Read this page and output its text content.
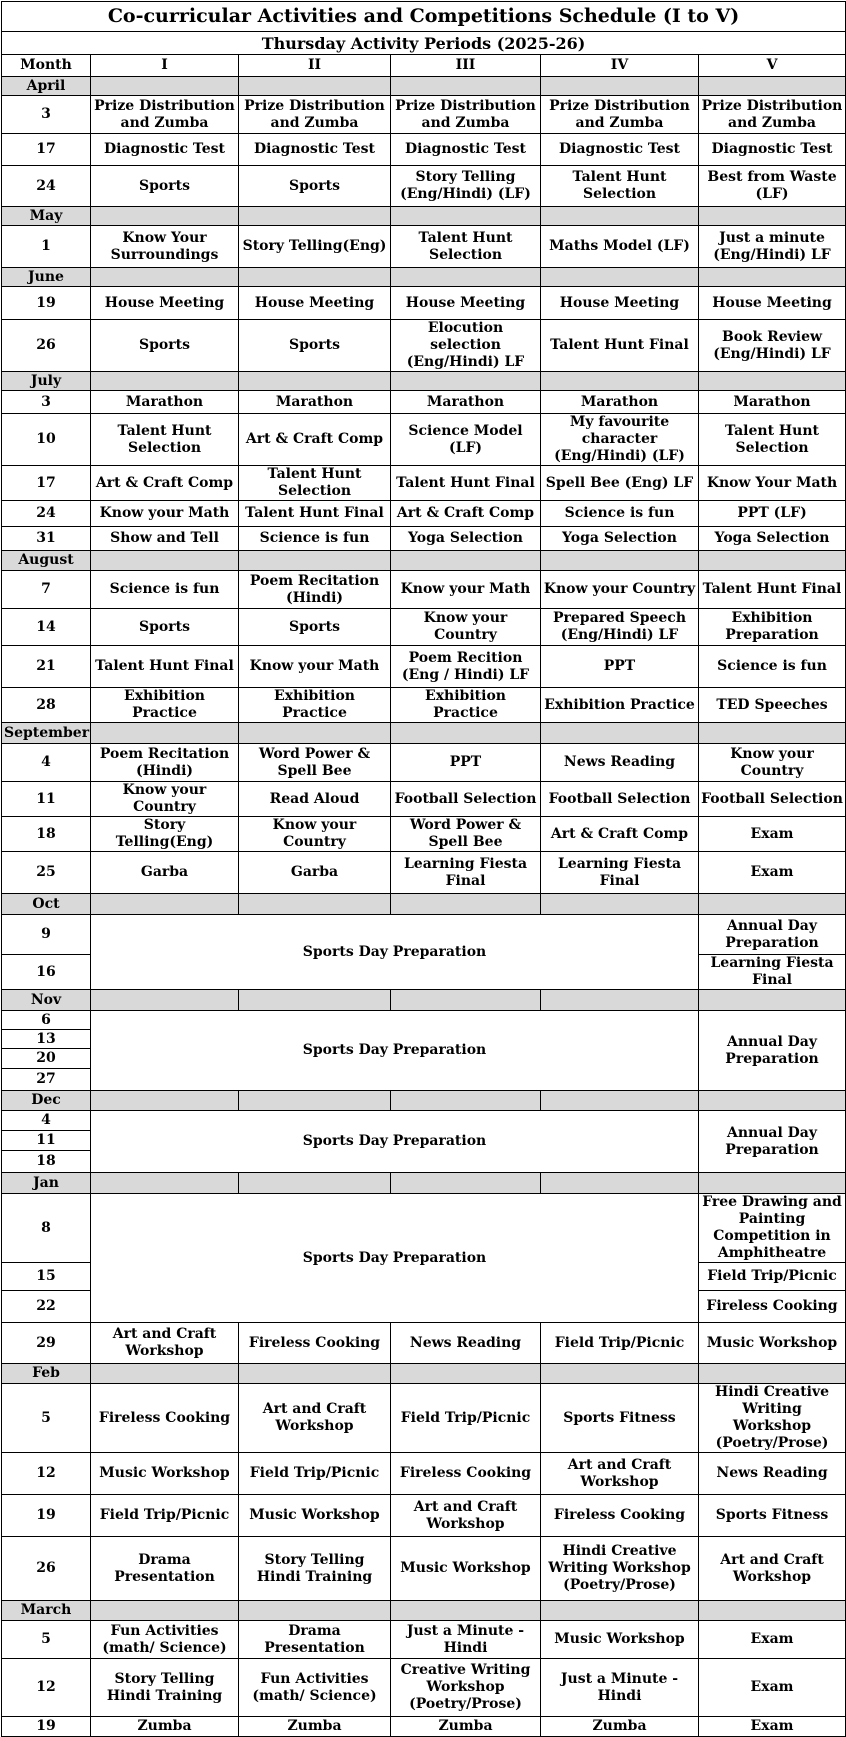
Co-curricular Activities and Competitions Schedule (I to V)					
Thursday Activity Periods (2025-26)					
Month	I	II	III	IV	V
April					
3	Prize Distribution and Zumba	Prize Distribution and Zumba	Prize Distribution and Zumba	Prize Distribution and Zumba	Prize Distribution and Zumba
17	Diagnostic Test	Diagnostic Test	Diagnostic Test	Diagnostic Test	Diagnostic Test
24	Sports	Sports	Story Telling (Eng/Hindi) (LF)	Talent Hunt Selection	Best from Waste (LF)
May					
1	Know Your Surroundings	Story Telling(Eng)	Talent Hunt Selection	Maths Model (LF)	Just a minute (Eng/Hindi) LF
June					
19	House Meeting	House Meeting	House Meeting	House Meeting	House Meeting
26	Sports	Sports	Elocution selection (Eng/Hindi) LF	Talent Hunt Final	Book Review (Eng/Hindi) LF
July					
3	Marathon	Marathon	Marathon	Marathon	Marathon
10	Talent Hunt Selection	Art & Craft Comp	Science Model (LF)	My favourite character (Eng/Hindi) (LF)	Talent Hunt Selection
17	Art & Craft Comp	Talent Hunt Selection	Talent Hunt Final	Spell Bee (Eng) LF	Know Your Math
24	Know your Math	Talent Hunt Final	Art & Craft Comp	Science is fun	PPT (LF)
31	Show and Tell	Science is fun	Yoga Selection	Yoga Selection	Yoga Selection
August					
7	Science is fun	Poem Recitation (Hindi)	Know your Math	Know your Country	Talent Hunt Final
14	Sports	Sports	Know your Country	Prepared Speech (Eng/Hindi) LF	Exhibition Preparation
21	Talent Hunt Final	Know your Math	Poem Recition (Eng / Hindi) LF	PPT	Science is fun
28	Exhibition Practice	Exhibition Practice	Exhibition Practice	Exhibition Practice	TED Speeches
September					
4	Poem Recitation (Hindi)	Word Power & Spell Bee	PPT	News Reading	Know your Country
11	Know your Country	Read Aloud	Football Selection	Football Selection	Football Selection
18	Story Telling(Eng)	Know your Country	Word Power & Spell Bee	Art & Craft Comp	Exam
25	Garba	Garba	Learning Fiesta Final	Learning Fiesta Final	Exam
Oct					
9	Sports Day Preparation				Annual Day Preparation
16					Learning Fiesta Final
Nov					
6	Sports Day Preparation				Annual Day Preparation
13					
20					
27					
Dec					
4	Sports Day Preparation				Annual Day Preparation
11					
18					
Jan					
8	Sports Day Preparation				Free Drawing and Painting Competition in Amphitheatre
15					Field Trip/Picnic
22					Fireless Cooking
29	Art and Craft Workshop	Fireless Cooking	News Reading	Field Trip/Picnic	Music Workshop
Feb					
5	Fireless Cooking	Art and Craft Workshop	Field Trip/Picnic	Sports Fitness	Hindi Creative Writing Workshop (Poetry/Prose)
12	Music Workshop	Field Trip/Picnic	Fireless Cooking	Art and Craft Workshop	News Reading
19	Field Trip/Picnic	Music Workshop	Art and Craft Workshop	Fireless Cooking	Sports Fitness
26	Drama Presentation	Story Telling Hindi Training	Music Workshop	Hindi Creative Writing Workshop (Poetry/Prose)	Art and Craft Workshop
March					
5	Fun Activities (math/ Science)	Drama Presentation	Just a Minute - Hindi	Music Workshop	Exam
12	Story Telling Hindi Training	Fun Activities (math/ Science)	Creative Writing Workshop (Poetry/Prose)	Just a Minute - Hindi	Exam
19	Zumba	Zumba	Zumba	Zumba	Exam
